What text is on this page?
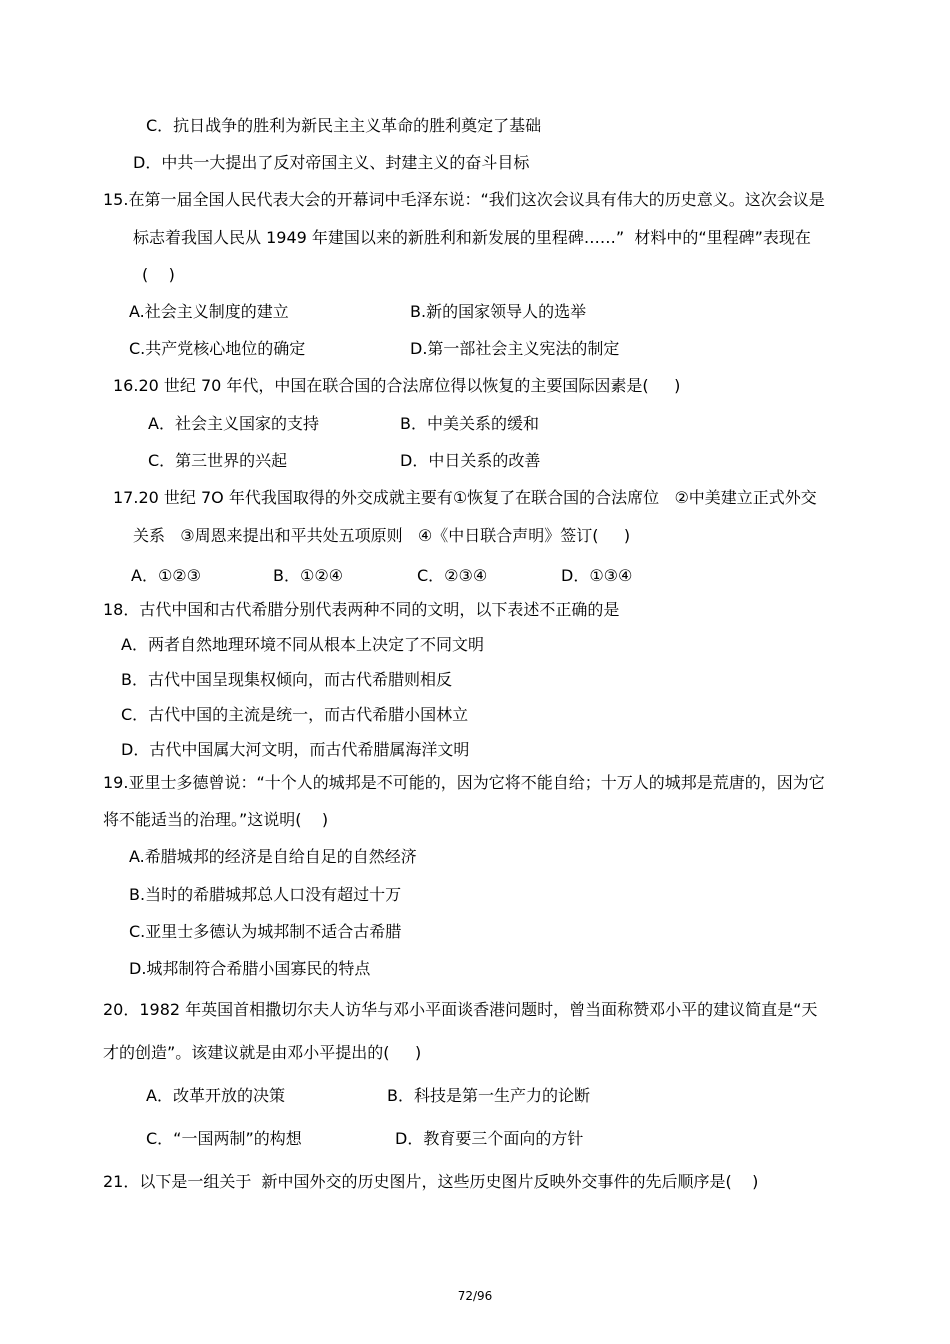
C．抗日战争的胜利为新民主主义革命的胜利奠定了基础
D．中共一大提出了反对帝国主义、封建主义的奋斗目标
15.在第一届全国人民代表大会的开幕词中毛泽东说：“我们这次会议具有伟大的历史意义。这次会议是
标志着我国人民从 1949 年建国以来的新胜利和新发展的里程碑……”  材料中的“里程碑”表现在
(    )
A.社会主义制度的建立	B.新的国家领导人的选举
C.共产党核心地位的确定	D.第一部社会主义宪法的制定
16.20 世纪 70 年代，中国在联合国的合法席位得以恢复的主要国际因素是(     )
A．社会主义国家的支持	B．中美关系的缓和
C．第三世界的兴起	D．中日关系的改善
17.20 世纪 7O 年代我国取得的外交成就主要有①恢复了在联合国的合法席位   ②中美建立正式外交
关系   ③周恩来提出和平共处五项原则   ④《中日联合声明》签订(     )
A．①②③	B．①②④	C．②③④	D．①③④
18．古代中国和古代希腊分别代表两种不同的文明，以下表述不正确的是
A．两者自然地理环境不同从根本上决定了不同文明
B．古代中国呈现集权倾向，而古代希腊则相反
C．古代中国的主流是统一，而古代希腊小国林立
D．古代中国属大河文明，而古代希腊属海洋文明
19.亚里士多德曾说：“十个人的城邦是不可能的，因为它将不能自给；十万人的城邦是荒唐的，因为它
将不能适当的治理。”这说明(    )
A.希腊城邦的经济是自给自足的自然经济
B.当时的希腊城邦总人口没有超过十万
C.亚里士多德认为城邦制不适合古希腊
D.城邦制符合希腊小国寡民的特点
20．1982 年英国首相撒切尔夫人访华与邓小平面谈香港问题时，曾当面称赞邓小平的建议简直是“天
才的创造”。该建议就是由邓小平提出的(     )
A．改革开放的决策	B．科技是第一生产力的论断
C．“一国两制”的构想	D．教育要三个面向的方针
21．以下是一组关于  新中国外交的历史图片，这些历史图片反映外交事件的先后顺序是(    )
72/96
